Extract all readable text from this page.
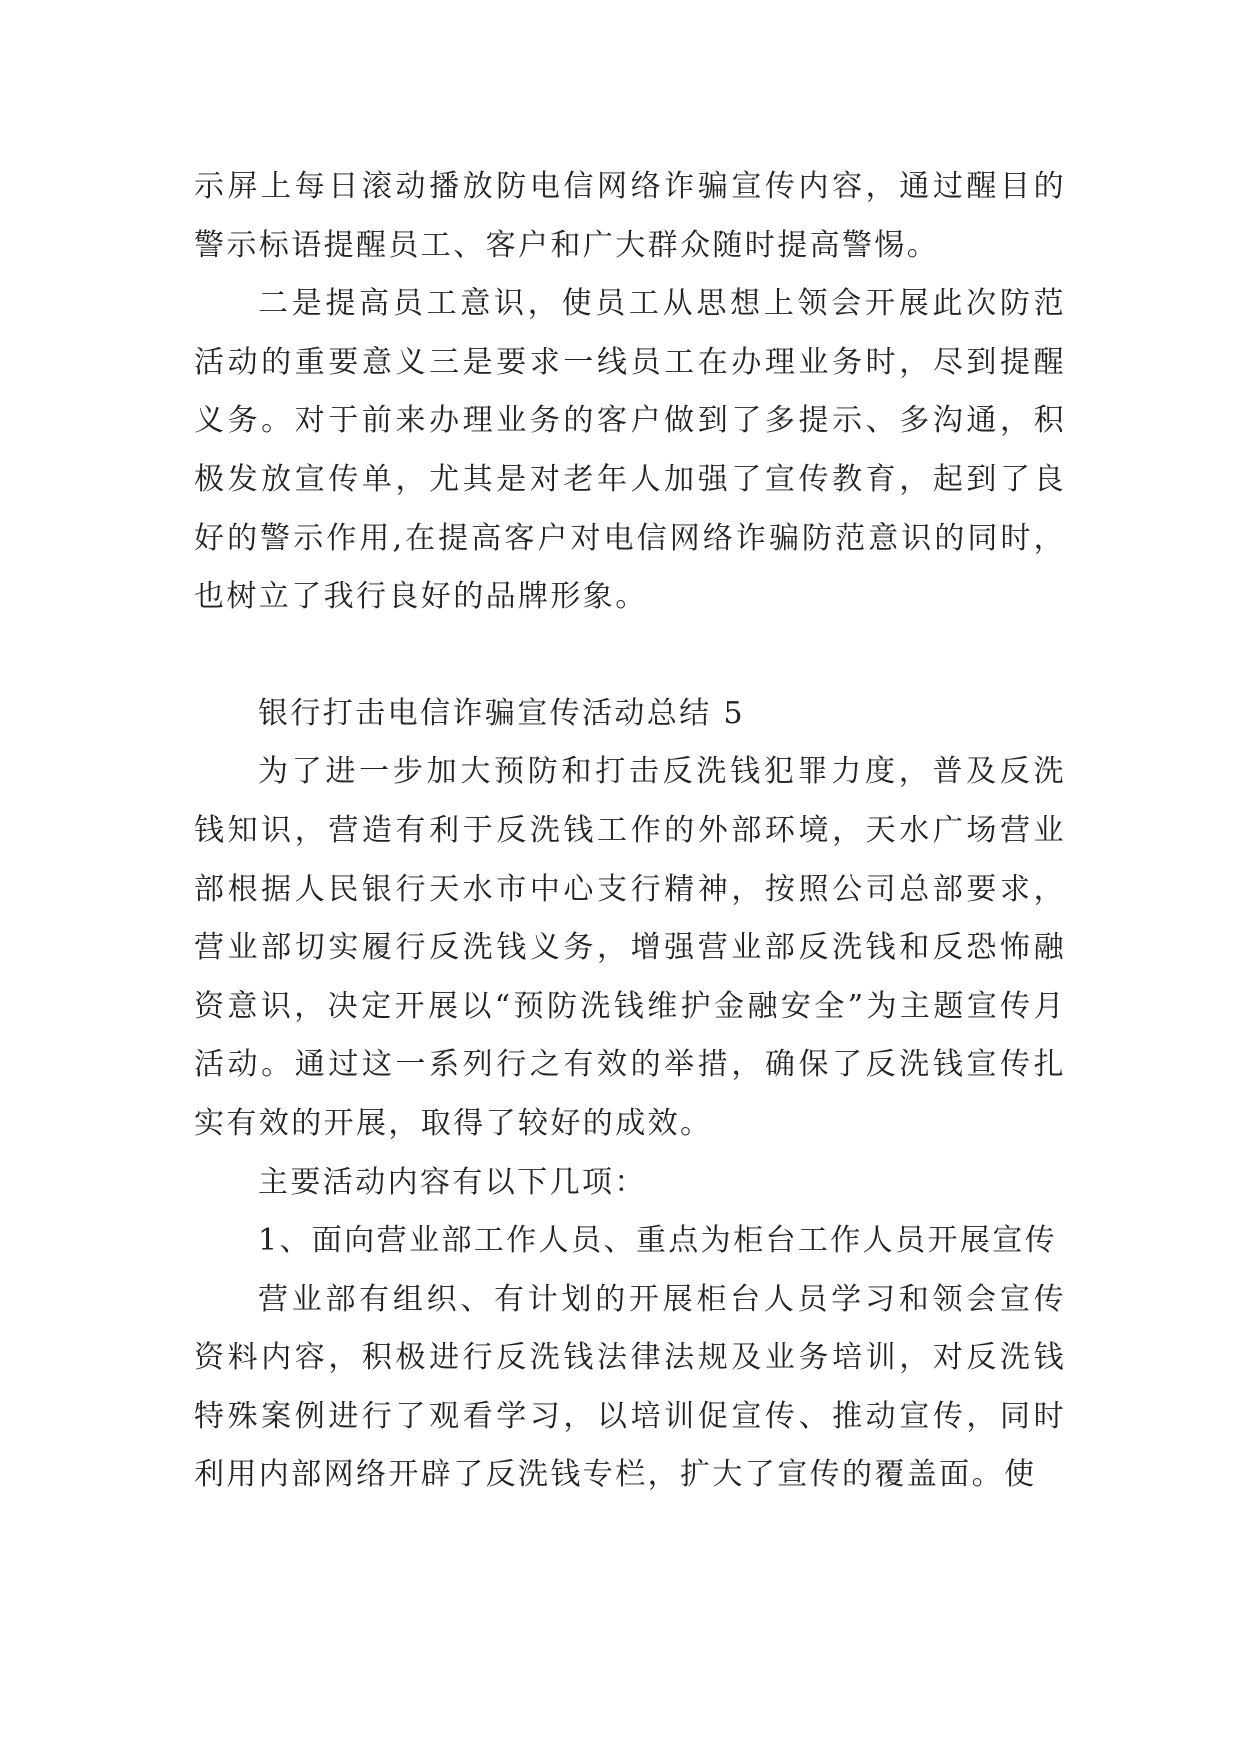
示屏上每日滚动播放防电信网络诈骗宣传内容，通过醒目的警示标语提醒员工、客户和广大群众随时提高警惕。

二是提高员工意识，使员工从思想上领会开展此次防范活动的重要意义三是要求一线员工在办理业务时，尽到提醒义务。对于前来办理业务的客户做到了多提示、多沟通，积极发放宣传单，尤其是对老年人加强了宣传教育，起到了良好的警示作用,在提高客户对电信网络诈骗防范意识的同时，也树立了我行良好的品牌形象。

银行打击电信诈骗宣传活动总结 5

为了进一步加大预防和打击反洗钱犯罪力度，普及反洗钱知识，营造有利于反洗钱工作的外部环境，天水广场营业部根据人民银行天水市中心支行精神，按照公司总部要求，营业部切实履行反洗钱义务，增强营业部反洗钱和反恐怖融资意识，决定开展以“预防洗钱维护金融安全”为主题宣传月活动。通过这一系列行之有效的举措，确保了反洗钱宣传扎实有效的开展，取得了较好的成效。

主要活动内容有以下几项：

1、面向营业部工作人员、重点为柜台工作人员开展宣传

营业部有组织、有计划的开展柜台人员学习和领会宣传资料内容，积极进行反洗钱法律法规及业务培训，对反洗钱特殊案例进行了观看学习，以培训促宣传、推动宣传，同时利用内部网络开辟了反洗钱专栏，扩大了宣传的覆盖面。使
